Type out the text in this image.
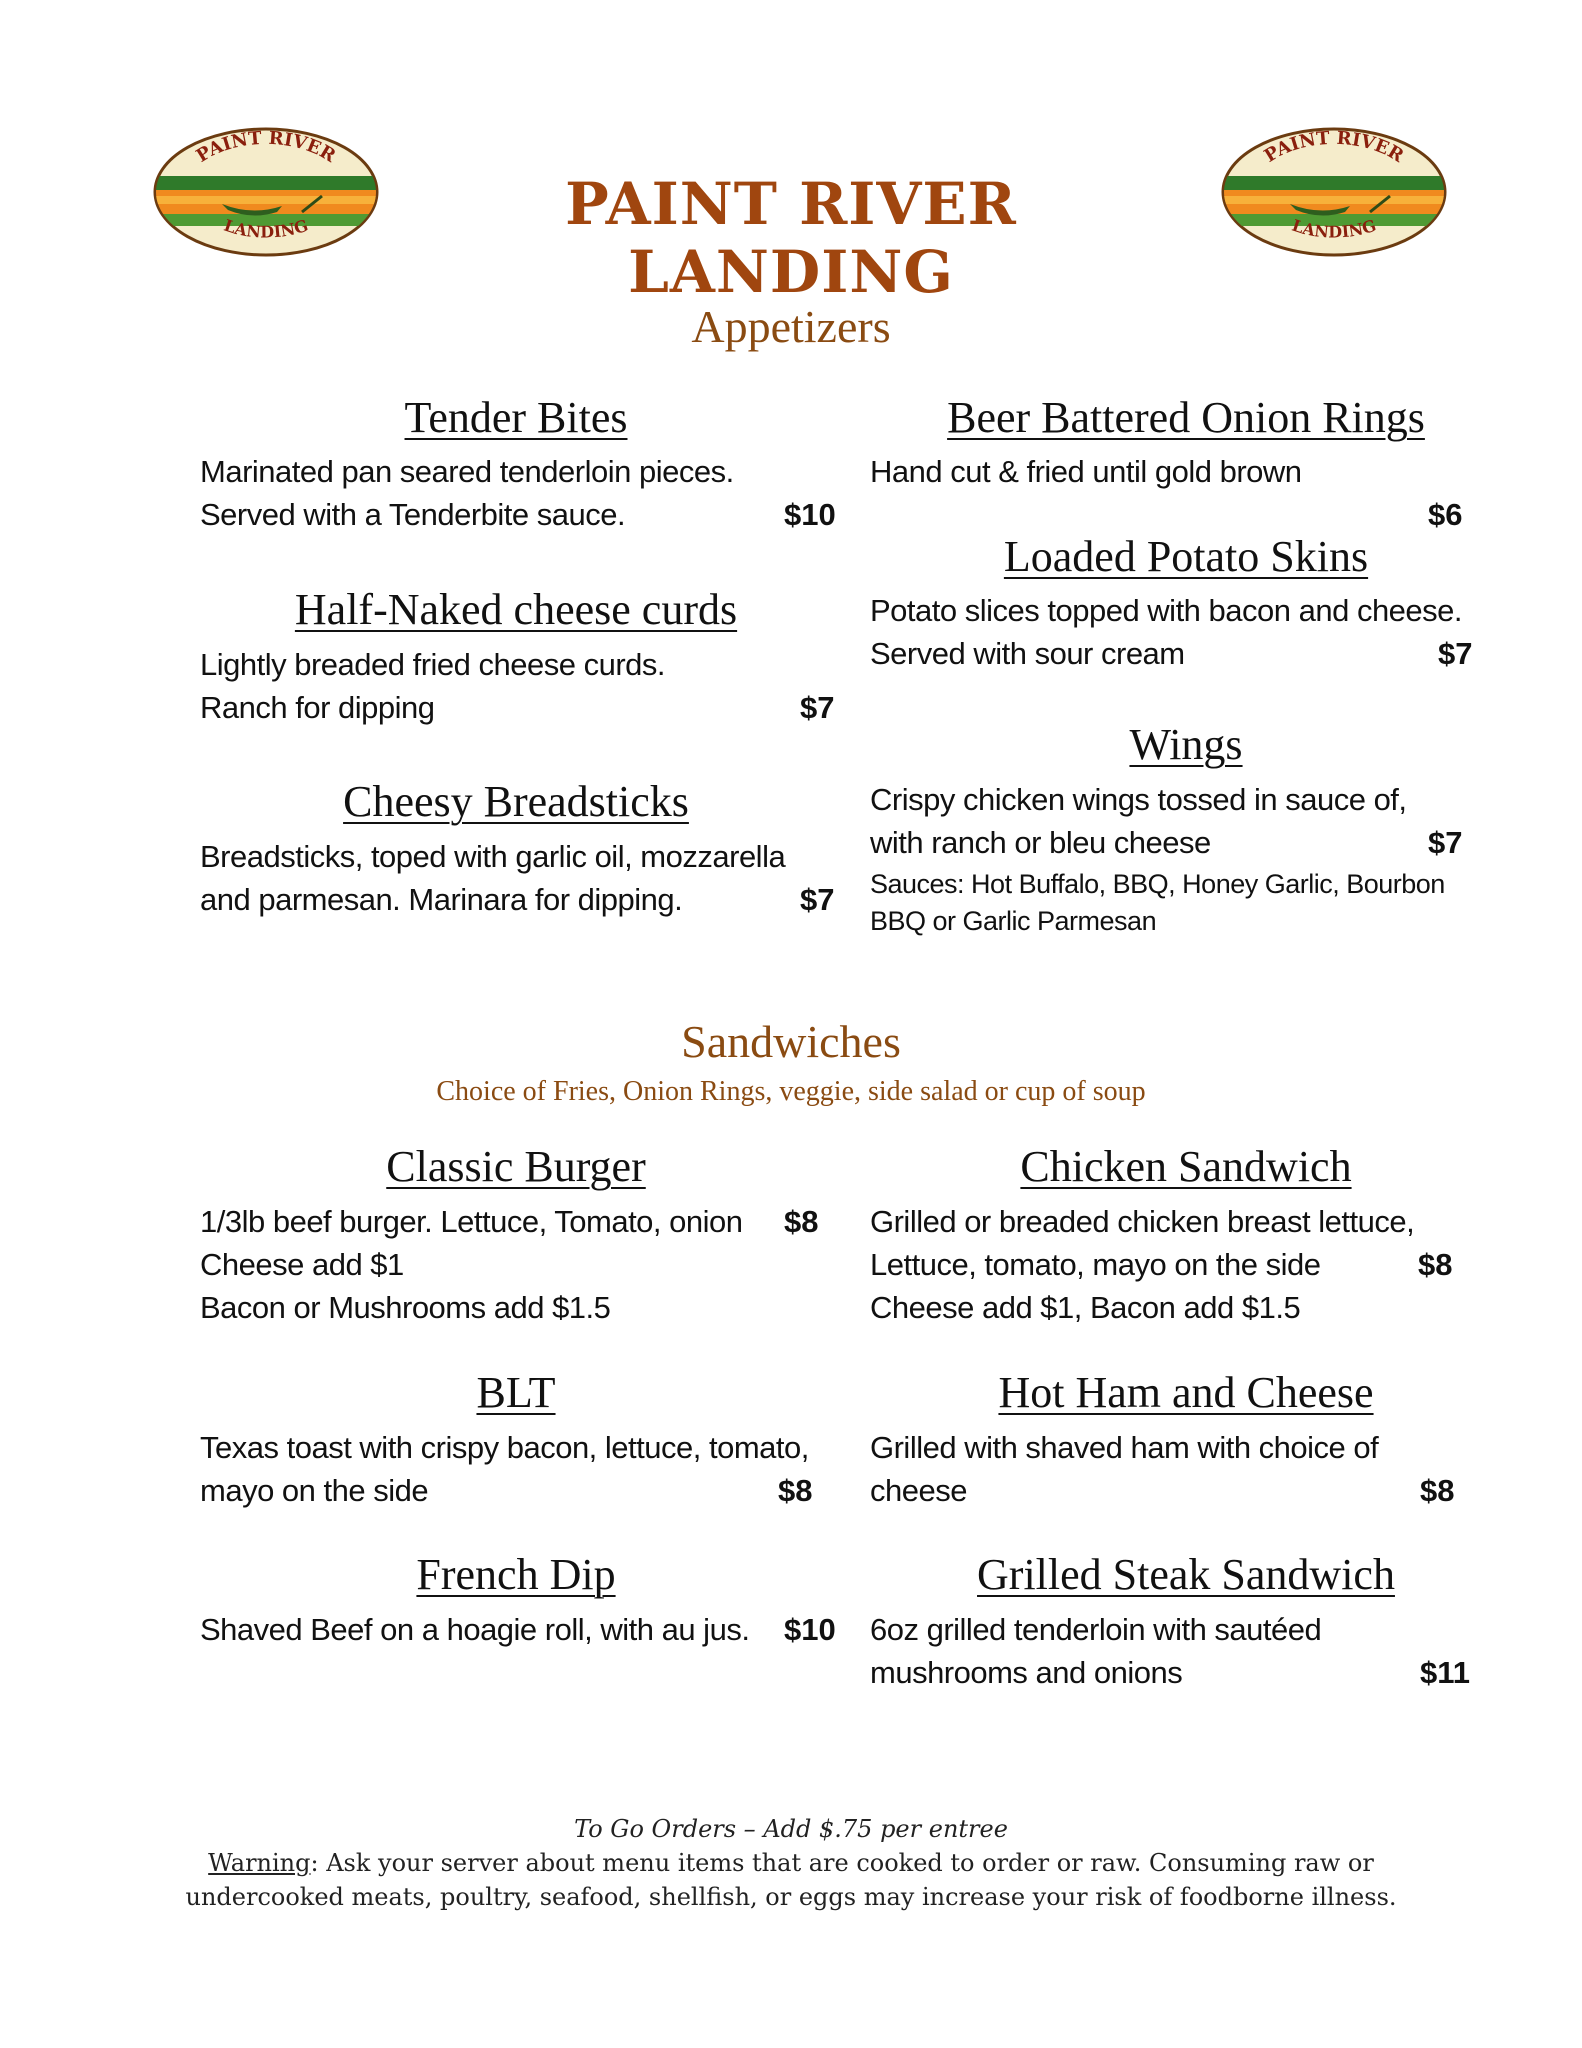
PAINT RIVER
LANDING
PAINT RIVER
LANDING
PAINT RIVER LANDING
Appetizers
Tender Bites
Marinated pan seared tenderloin pieces.
Served with a Tenderbite sauce.	$10
Half-Naked cheese curds
Lightly breaded fried cheese curds.
Ranch for dipping	$7
Cheesy Breadsticks
Breadsticks, toped with garlic oil, mozzarella
and parmesan. Marinara for dipping.	$7
Beer Battered Onion Rings
Hand cut & fried until gold brown
$6
Loaded Potato Skins
Potato slices topped with bacon and cheese.
Served with sour cream	$7
Wings
Crispy chicken wings tossed in sauce of,
with ranch or bleu cheese	$7
Sauces: Hot Buffalo, BBQ, Honey Garlic, Bourbon
BBQ or Garlic Parmesan
Sandwiches
Choice of Fries, Onion Rings, veggie, side salad or cup of soup
Classic Burger
1/3lb beef burger. Lettuce, Tomato, onion $8
Cheese add $1
Bacon or Mushrooms add $1.5
BLT
Texas toast with crispy bacon, lettuce, tomato,
mayo on the side	$8
French Dip
Shaved Beef on a hoagie roll, with au jus. $10
Chicken Sandwich
Grilled or breaded chicken breast lettuce,
Lettuce, tomato, mayo on the side	$8
Cheese add $1, Bacon add $1.5
Hot Ham and Cheese
Grilled with shaved ham with choice of
cheese	$8
Grilled Steak Sandwich
6oz grilled tenderloin with sautéed
mushrooms and onions	$11
To Go Orders – Add $.75 per entree
Warning: Ask your server about menu items that are cooked to order or raw. Consuming raw or
undercooked meats, poultry, seafood, shellfish, or eggs may increase your risk of foodborne illness.
